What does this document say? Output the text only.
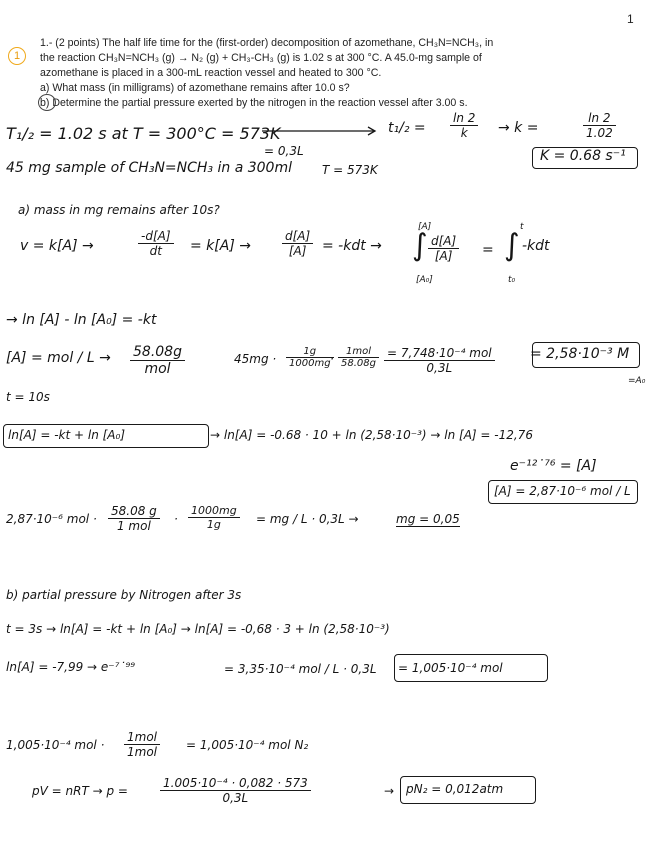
1
1
1.- (2 points) The half life time for the (first-order) decomposition of azomethane, CH₃N=NCH₃, in
the reaction CH₃N=NCH₃ (g) → N₂ (g) + CH₃-CH₃ (g) is 1.02 s at 300 °C. A 45.0-mg sample of
azomethane is placed in a 300-mL reaction vessel and heated to 300 °C.
a) What mass (in milligrams) of azomethane remains after 10.0 s?
b) Determine the partial pressure exerted by the nitrogen in the reaction vessel after 3.00 s.
T₁/₂ = 1.02 s at T = 300°C = 573K	$t_1/_2 = \frac{\ln 2}{k} \to k$ =	$\frac{\ln 2}{1.02}$
K = 0.68 s⁻¹
= 0,3L
45 mg sample of CH₃N=NCH₃ in a 300ml	T = 573K
a) mass in mg remains after 10s?
v = k[A] →	$\frac{-d[A]}{dt} = k[A]$ →	$\frac{d[A]}{[A]} = -kdt$ → ∫
[A]
[A₀]
$\frac{d[A]}{[A]}$ = ∫
t
t₀
-kdt
→ ln [A] - ln [A₀] = -kt
[A] = mol / L → 58.08g
mol
$45mg \cdot \frac{1g}{1000mg}$
·
1mol
58.08g
= 7,748·10⁻⁴ mol
0,3L
= 2,58·10⁻³ M
=A₀
t = 10s
ln[A] = -kt + ln [A₀]	→ ln[A] = -0.68 · 10 + ln (2,58·10⁻³) → ln [A] = -12,76
e⁻¹²˙⁷⁶ = [A]
[A] = 2,87·10⁻⁶ mol / L
2,87·10⁻⁶ mol ·
58.08 g
1 mol	· $\frac{1000mg}{1g}$ = mg / L · 0,3L →	mg = 0,05
b) partial pressure by Nitrogen after 3s
t = 3s → ln[A] = -kt + ln [A₀] → ln[A] = -0,68 · 3 + ln (2,58·10⁻³)
ln[A] = -7,99 → e⁻⁷˙⁹⁹	= 3,35·10⁻⁴ mol / L · 0,3L = 1,005·10⁻⁴ mol
1,005·10⁻⁴ mol ·
1mol
1mol = 1,005·10⁻⁴ mol N₂
pV = nRT → p =	$\frac{\text{1.005·10⁻⁴ · 0,082 · 573}}{0,3L}$	→ pN₂ = 0,012atm
